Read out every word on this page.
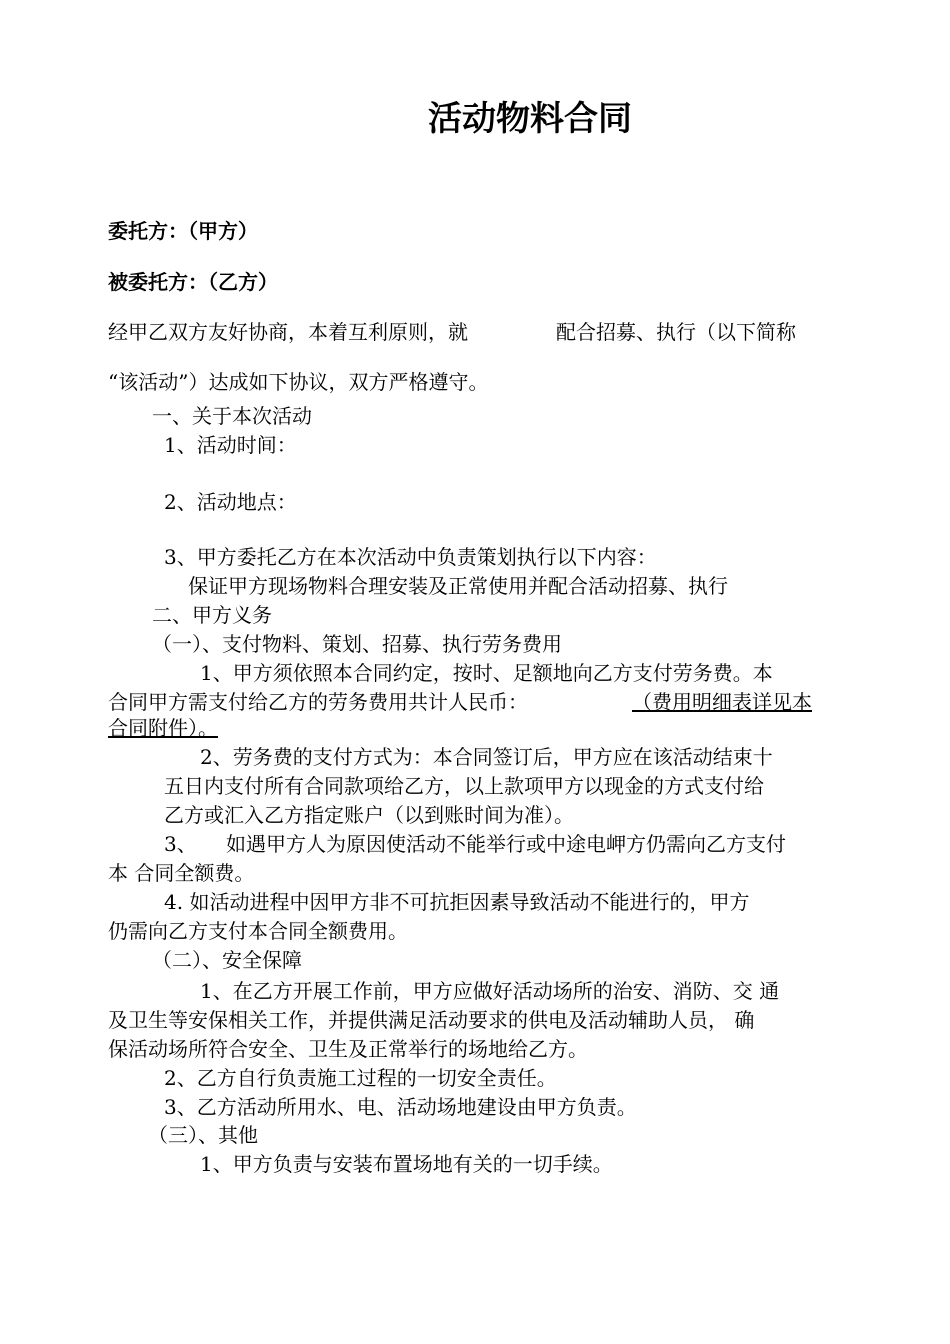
活动物料合同
委托方：（甲方）
被委托方：（乙方）
经甲乙双方友好协商，本着互利原则，就	配合招募、执行（以下简称
“该活动”）达成如下协议，双方严格遵守。
一、关于本次活动
1、活动时间：
2、活动地点：
3、甲方委托乙方在本次活动中负责策划执行以下内容：
保证甲方现场物料合理安装及正常使用并配合活动招募、执行
二、甲方义务
（一）、支付物料、策划、招募、执行劳务费用
1、甲方须依照本合同约定，按时、足额地向乙方支付劳务费。本
合同甲方需支付给乙方的劳务费用共计人民币：	（费用明细表详见本
合同附件）。
2、劳务费的支付方式为：本合同签订后，甲方应在该活动结束十
五日内支付所有合同款项给乙方，以上款项甲方以现金的方式支付给
乙方或汇入乙方指定账户（以到账时间为准）。
3、 如遇甲方人为原因使活动不能举行或中途电岬方仍需向乙方支付
本 合同全额费。
4. 如活动进程中因甲方非不可抗拒因素导致活动不能进行的，甲方
仍需向乙方支付本合同全额费用。
（二）、安全保障
1、在乙方开展工作前，甲方应做好活动场所的治安、消防、交 通
及卫生等安保相关工作，并提供满足活动要求的供电及活动辅助人员， 确
保活动场所符合安全、卫生及正常举行的场地给乙方。
2、乙方自行负责施工过程的一切安全责任。
3、乙方活动所用水、电、活动场地建设由甲方负责。
（三）、其他
1、甲方负责与安装布置场地有关的一切手续。
